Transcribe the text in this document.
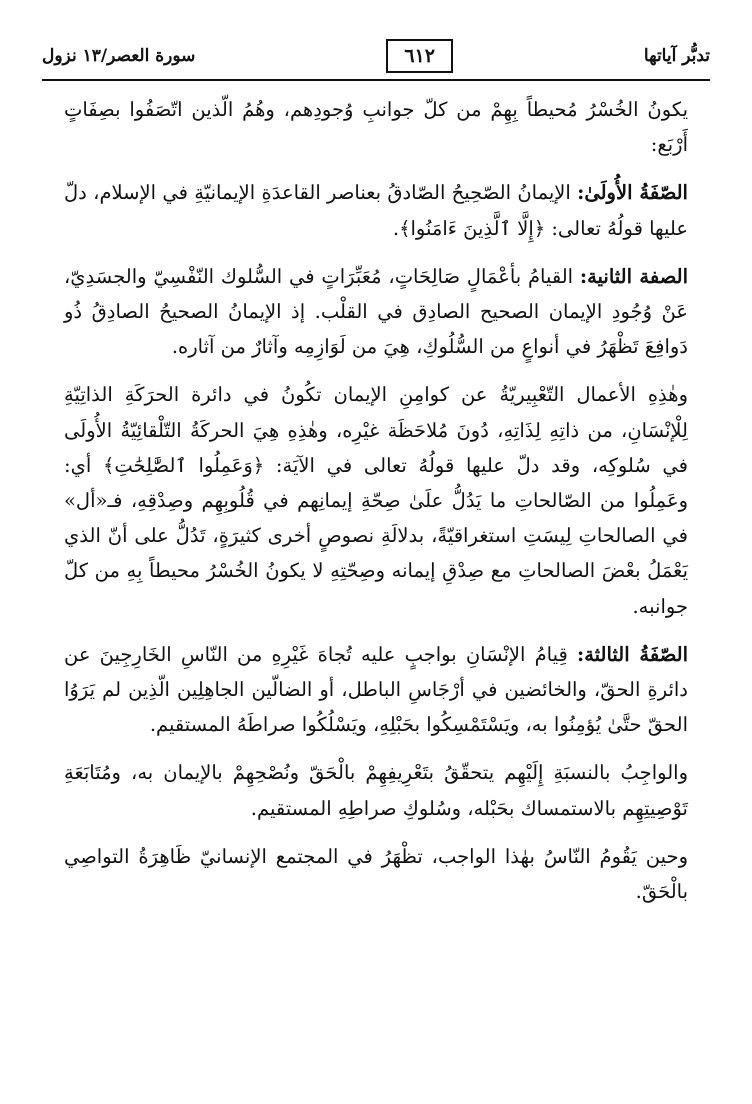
تدبُّر آياتها
٦١٢
سورة العصر/١٣ نزول

يكونُ الخُسْرُ مُحيطاً بِهِمْ من كلّ جوانبِ وُجودِهم، وهُمُ الّذين اتّصَفُوا بصِفَاتٍ أَرْبَع:

الصّفَةُ الأُولَىٰ: الإيمانُ الصّحِيحُ الصّادقُ بعناصر القاعدَةِ الإيمانيّةِ في الإسلام، دلّ عليها قولُهُ تعالى: ﴿إِلَّا ٱلَّذِينَ ءَامَنُوا﴾.

الصفة الثانية: القيامُ بأعْمَالٍ صَالِحَاتٍ، مُعَبِّرَاتٍ في السُّلوك النّفْسِيّ والجسَدِيّ، عَنْ وُجُودِ الإيمان الصحيح الصادِق في القلْب. إذ الإيمانُ الصحيحُ الصادِقُ ذُو دَوافِعَ تَظْهَرُ في أنواعٍ من السُّلُوكِ، هِيَ من لَوَازِمِه وآثارٌ من آثاره.

وهٰذِهِ الأعمال التّعْبِيريّةُ عن كوامِنِ الإيمان تكُونُ في دائرة الحرَكَةِ الذاتِيّةِ لِلْإنْسَانِ، من ذاتِهِ لِذَاتِهِ، دُونَ مُلاحَظَة غيْرِه، وهٰذِهِ هِيَ الحركَةُ التّلْقائِيّةُ الأُولَى في سُلوكِه، وقد دلّ عليها قولُهُ تعالى في الآيَة: ﴿وَعَمِلُوا ٱلصَّٰلِحَٰتِ﴾ أي: وعَمِلُوا من الصّالحاتِ ما يَدُلُّ علَىٰ صِحّةِ إيمانِهم في قُلُوبِهِم وصِدْقِهِ، فـ«أل» في الصالحاتِ لِيسَتِ استغراقيّةً، بدلالَةِ نصوصٍ أخرى كثيرَةٍ، تَدُلُّ على أنّ الذي يَعْمَلُ بعْضَ الصالحاتِ مع صِدْقِ إيمانه وصِحّتِهِ لا يكونُ الخُسْرُ محيطاً بِهِ من كلّ جوانبه.

الصّفَةُ الثالثة: قِيامُ الإنْسَانِ بواجبٍ عليه تُجاهَ غَيْرِهِ من النّاسِ الخَارِجِينَ عن دائرةِ الحقّ، والخائضين في أرْجَاسِ الباطل، أو الضالّين الجاهِلِين الّذِين لم يَرَوُا الحقّ حتَّىٰ يُؤمِنُوا به، ويَسْتَمْسِكُوا بحَبْلِهِ، ويَسْلُكُوا صراطَهُ المستقيم.

والواجِبُ بالنسبَةِ إِلَيْهِم يتحقّقُ بتَعْرِيفِهِمْ بالْحَقّ ونُصْحِهِمْ بالإيمان به، ومُتَابَعَةِ تَوْصِيتِهِم بالاستمساك بحَبْله، وسُلوكِ صراطِهِ المستقيم.

وحين يَقُومُ النّاسُ بهٰذا الواجب، تظْهَرُ في المجتمع الإنسانيّ ظَاهِرَةُ التواصِي بالْحَقّ.
